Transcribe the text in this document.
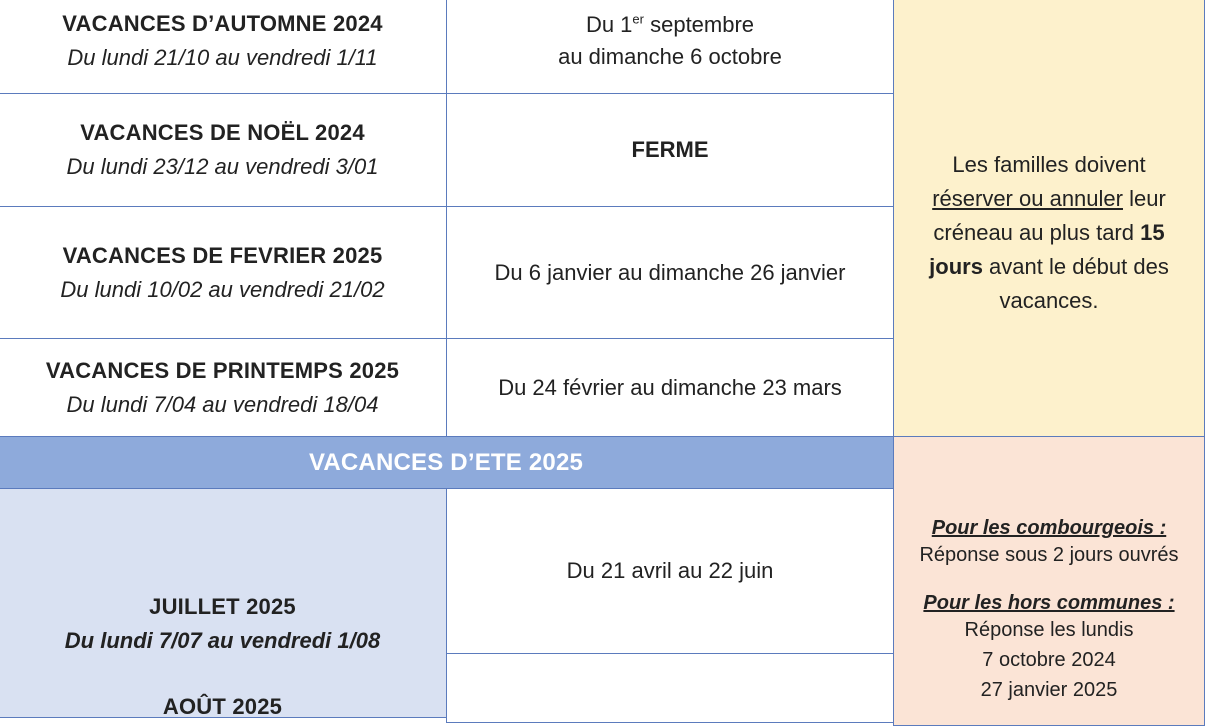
VACANCES D’AUTOMNE 2024
Du lundi 21/10 au vendredi 1/11
Du 1er septembre
au dimanche 6 octobre
VACANCES DE NOËL 2024
Du lundi 23/12 au vendredi 3/01
FERME
VACANCES DE FEVRIER 2025
Du lundi 10/02 au vendredi 21/02
Du 6 janvier au dimanche 26 janvier
VACANCES DE PRINTEMPS 2025
Du lundi 7/04 au vendredi 18/04
Du 24 février au dimanche 23 mars
Les familles doivent
réserver ou annuler leur
créneau au plus tard 15
jours avant le début des
vacances.
VACANCES D’ETE 2025
JUILLET 2025
Du lundi 7/07 au vendredi 1/08
AOÛT 2025
Du 21 avril au 22 juin
Pour les combourgeois :
Réponse sous 2 jours ouvrés
Pour les hors communes :
Réponse les lundis
7 octobre 2024
27 janvier 2025
